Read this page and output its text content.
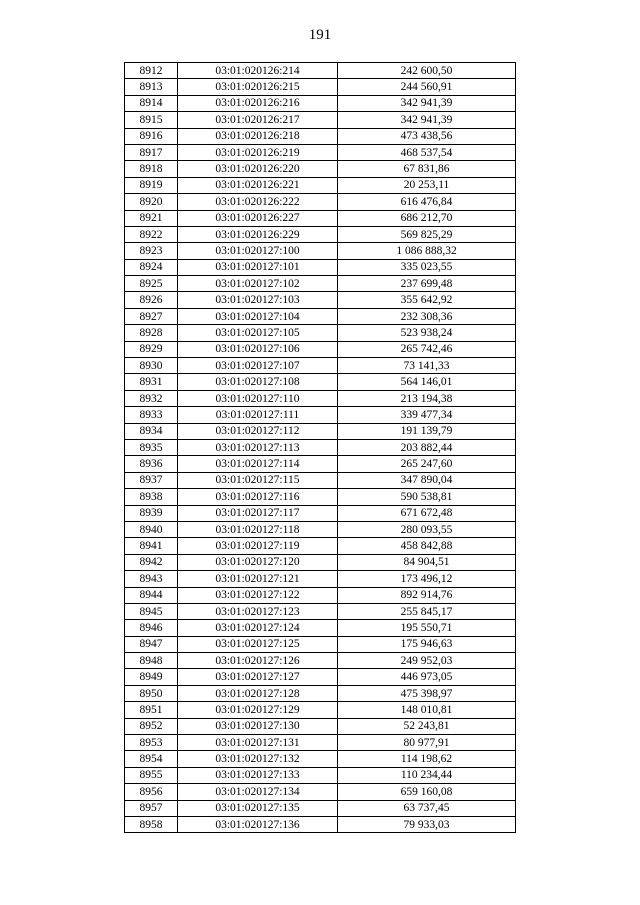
191
8912	03:01:020126:214	242 600,50
8913	03:01:020126:215	244 560,91
8914	03:01:020126:216	342 941,39
8915	03:01:020126:217	342 941,39
8916	03:01:020126:218	473 438,56
8917	03:01:020126:219	468 537,54
8918	03:01:020126:220	67 831,86
8919	03:01:020126:221	20 253,11
8920	03:01:020126:222	616 476,84
8921	03:01:020126:227	686 212,70
8922	03:01:020126:229	569 825,29
8923	03:01:020127:100	1 086 888,32
8924	03:01:020127:101	335 023,55
8925	03:01:020127:102	237 699,48
8926	03:01:020127:103	355 642,92
8927	03:01:020127:104	232 308,36
8928	03:01:020127:105	523 938,24
8929	03:01:020127:106	265 742,46
8930	03:01:020127:107	73 141,33
8931	03:01:020127:108	564 146,01
8932	03:01:020127:110	213 194,38
8933	03:01:020127:111	339 477,34
8934	03:01:020127:112	191 139,79
8935	03:01:020127:113	203 882,44
8936	03:01:020127:114	265 247,60
8937	03:01:020127:115	347 890,04
8938	03:01:020127:116	590 538,81
8939	03:01:020127:117	671 672,48
8940	03:01:020127:118	280 093,55
8941	03:01:020127:119	458 842,88
8942	03:01:020127:120	84 904,51
8943	03:01:020127:121	173 496,12
8944	03:01:020127:122	892 914,76
8945	03:01:020127:123	255 845,17
8946	03:01:020127:124	195 550,71
8947	03:01:020127:125	175 946,63
8948	03:01:020127:126	249 952,03
8949	03:01:020127:127	446 973,05
8950	03:01:020127:128	475 398,97
8951	03:01:020127:129	148 010,81
8952	03:01:020127:130	52 243,81
8953	03:01:020127:131	80 977,91
8954	03:01:020127:132	114 198,62
8955	03:01:020127:133	110 234,44
8956	03:01:020127:134	659 160,08
8957	03:01:020127:135	63 737,45
8958	03:01:020127:136	79 933,03
